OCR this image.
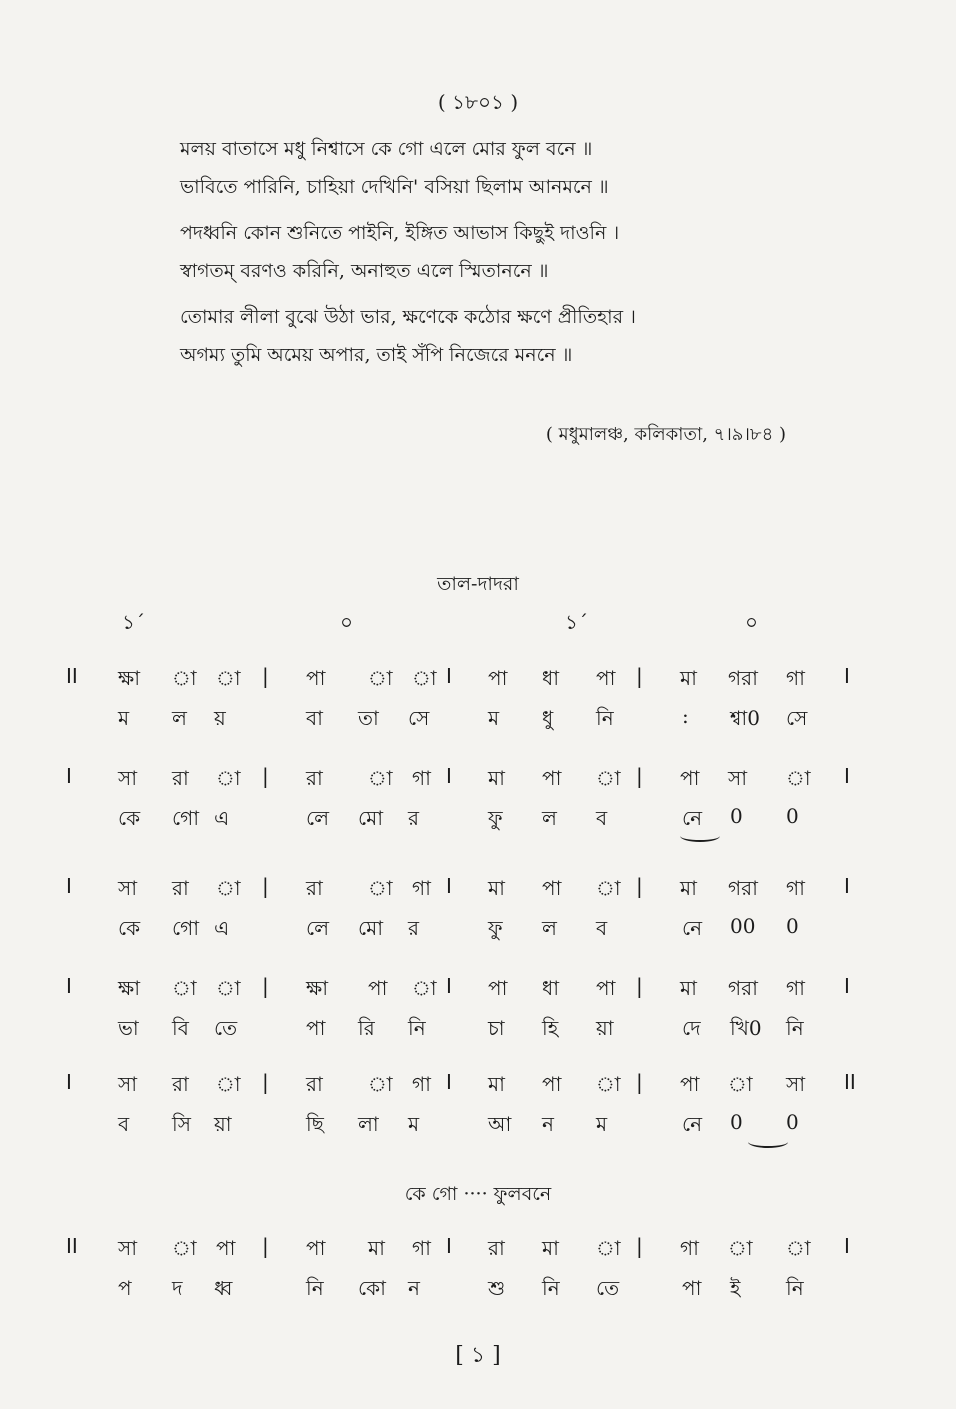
( ১৮০১ )
মলয় বাতাসে মধু নিশ্বাসে কে গো এলে মোর ফুল বনে ॥
ভাবিতে পারিনি, চাহিয়া দেখিনি' বসিয়া ছিলাম আনমনে ॥
পদধ্বনি কোন শুনিতে পাইনি, ইঙ্গিত আভাস কিছুই দাওনি ।
স্বাগতম্ বরণও করিনি, অনাহুত এলে স্মিতাননে ॥
তোমার লীলা বুঝে উঠা ভার, ক্ষণেকে কঠোর ক্ষণে প্রীতিহার ।
অগম্য তুমি অমেয় অপার, তাই সঁপি নিজেরে মননে ॥
( মধুমালঞ্চ, কলিকাতা, ৭।৯।৮৪ )
তাল-দাদরা
১´	০	১´	০
II ক্ষা া া | পা া া I পা ধা পা | মা গরা গা I
ম ল য়	বা তা সে	ম ধু নি	: শ্বা0 সে
I সা রা া | রা া গা I মা পা া | পা সা া I
কে গো এ	লে মো র	ফু ল ব	নে 0 0
I সা রা া | রা া গা I মা পা া | মা গরা গা I
কে গো এ	লে মো র	ফু ল ব	নে 00 0
I ক্ষা া া | ক্ষা পা া I পা ধা পা | মা গরা গা I
ভা বি তে	পা রি নি	চা হি য়া	দে খি0 নি
I সা রা া | রা া গা I মা পা া | পা া সা II
ব সি য়া	ছি লা ম	আ ন ম	নে 0 0
কে গো ···· ফুলবনে
II সা া পা | পা মা গা I রা মা া | গা া া I
প দ ধ্ব	নি কো ন	শু নি তে	পা ই নি
[ ১ ]
